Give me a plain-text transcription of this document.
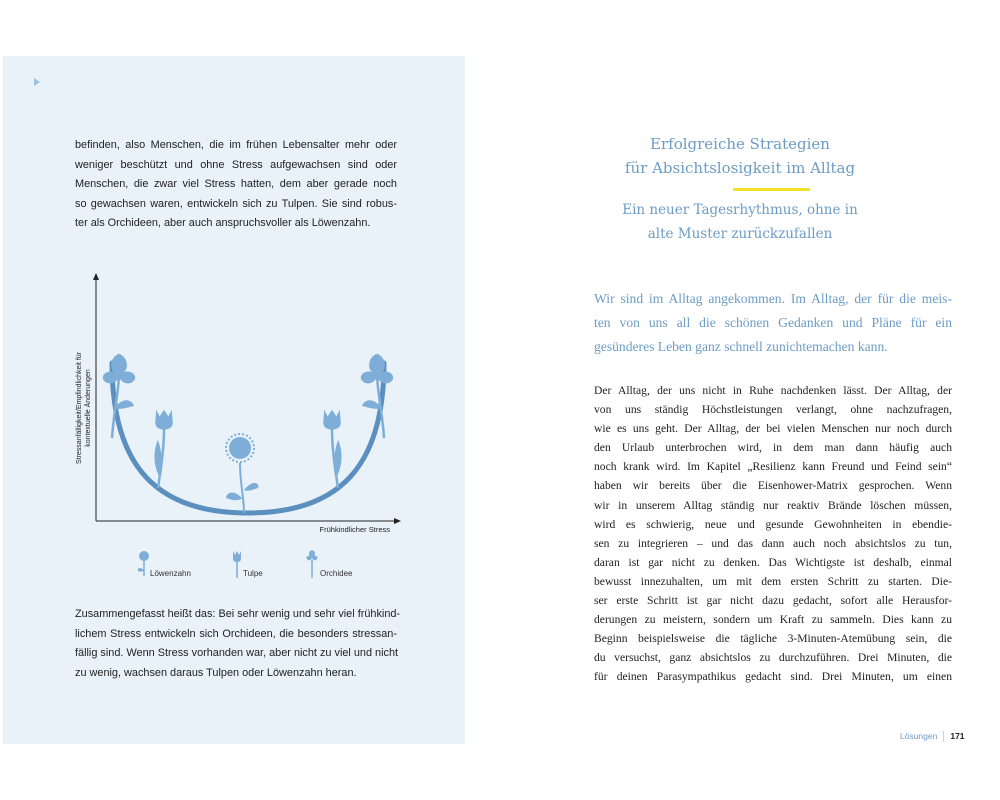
befinden, also Menschen, die im frühen Lebensalter mehr oder
weniger beschützt und ohne Stress aufgewachsen sind oder
Menschen, die zwar viel Stress hatten, dem aber gerade noch
so gewachsen waren, entwickeln sich zu Tulpen. Sie sind robus-
ter als Orchideen, aber auch anspruchsvoller als Löwenzahn.
Zusammengefasst heißt das: Bei sehr wenig und sehr viel frühkind-
lichem Stress entwickeln sich Orchideen, die besonders stressan-
fällig sind. Wenn Stress vorhanden war, aber nicht zu viel und nicht
zu wenig, wachsen daraus Tulpen oder Löwenzahn heran.
Frühkindlicher Stress
Stressanfälligkeit/Empfindlichkeit für kontextuelle Änderungen
Löwenzahn	Tulpe	Orchidee
Erfolgreiche Strategien
für Absichtslosigkeit im Alltag
Ein neuer Tagesrhythmus, ohne in
alte Muster zurückzufallen
Wir sind im Alltag angekommen. Im Alltag, der für die meis-
ten von uns all die schönen Gedanken und Pläne für ein
gesünderes Leben ganz schnell zunichtemachen kann.
Der Alltag, der uns nicht in Ruhe nachdenken lässt. Der Alltag, der
von uns ständig Höchstleistungen verlangt, ohne nachzufragen,
wie es uns geht. Der Alltag, der bei vielen Menschen nur noch durch
den Urlaub unterbrochen wird, in dem man dann häufig auch
noch krank wird. Im Kapitel „Resilienz kann Freund und Feind sein“
haben wir bereits über die Eisenhower-Matrix gesprochen. Wenn
wir in unserem Alltag ständig nur reaktiv Brände löschen müssen,
wird es schwierig, neue und gesunde Gewohnheiten in ebendie-
sen zu integrieren – und das dann auch noch absichtslos zu tun,
daran ist gar nicht zu denken. Das Wichtigste ist deshalb, einmal
bewusst innezuhalten, um mit dem ersten Schritt zu starten. Die-
ser erste Schritt ist gar nicht dazu gedacht, sofort alle Herausfor-
derungen zu meistern, sondern um Kraft zu sammeln. Dies kann zu
Beginn beispielsweise die tägliche 3-Minuten-Atemübung sein, die
du versuchst, ganz absichtslos zu durchzuführen. Drei Minuten, die
für deinen Parasympathikus gedacht sind. Drei Minuten, um einen
Lösungen 171
